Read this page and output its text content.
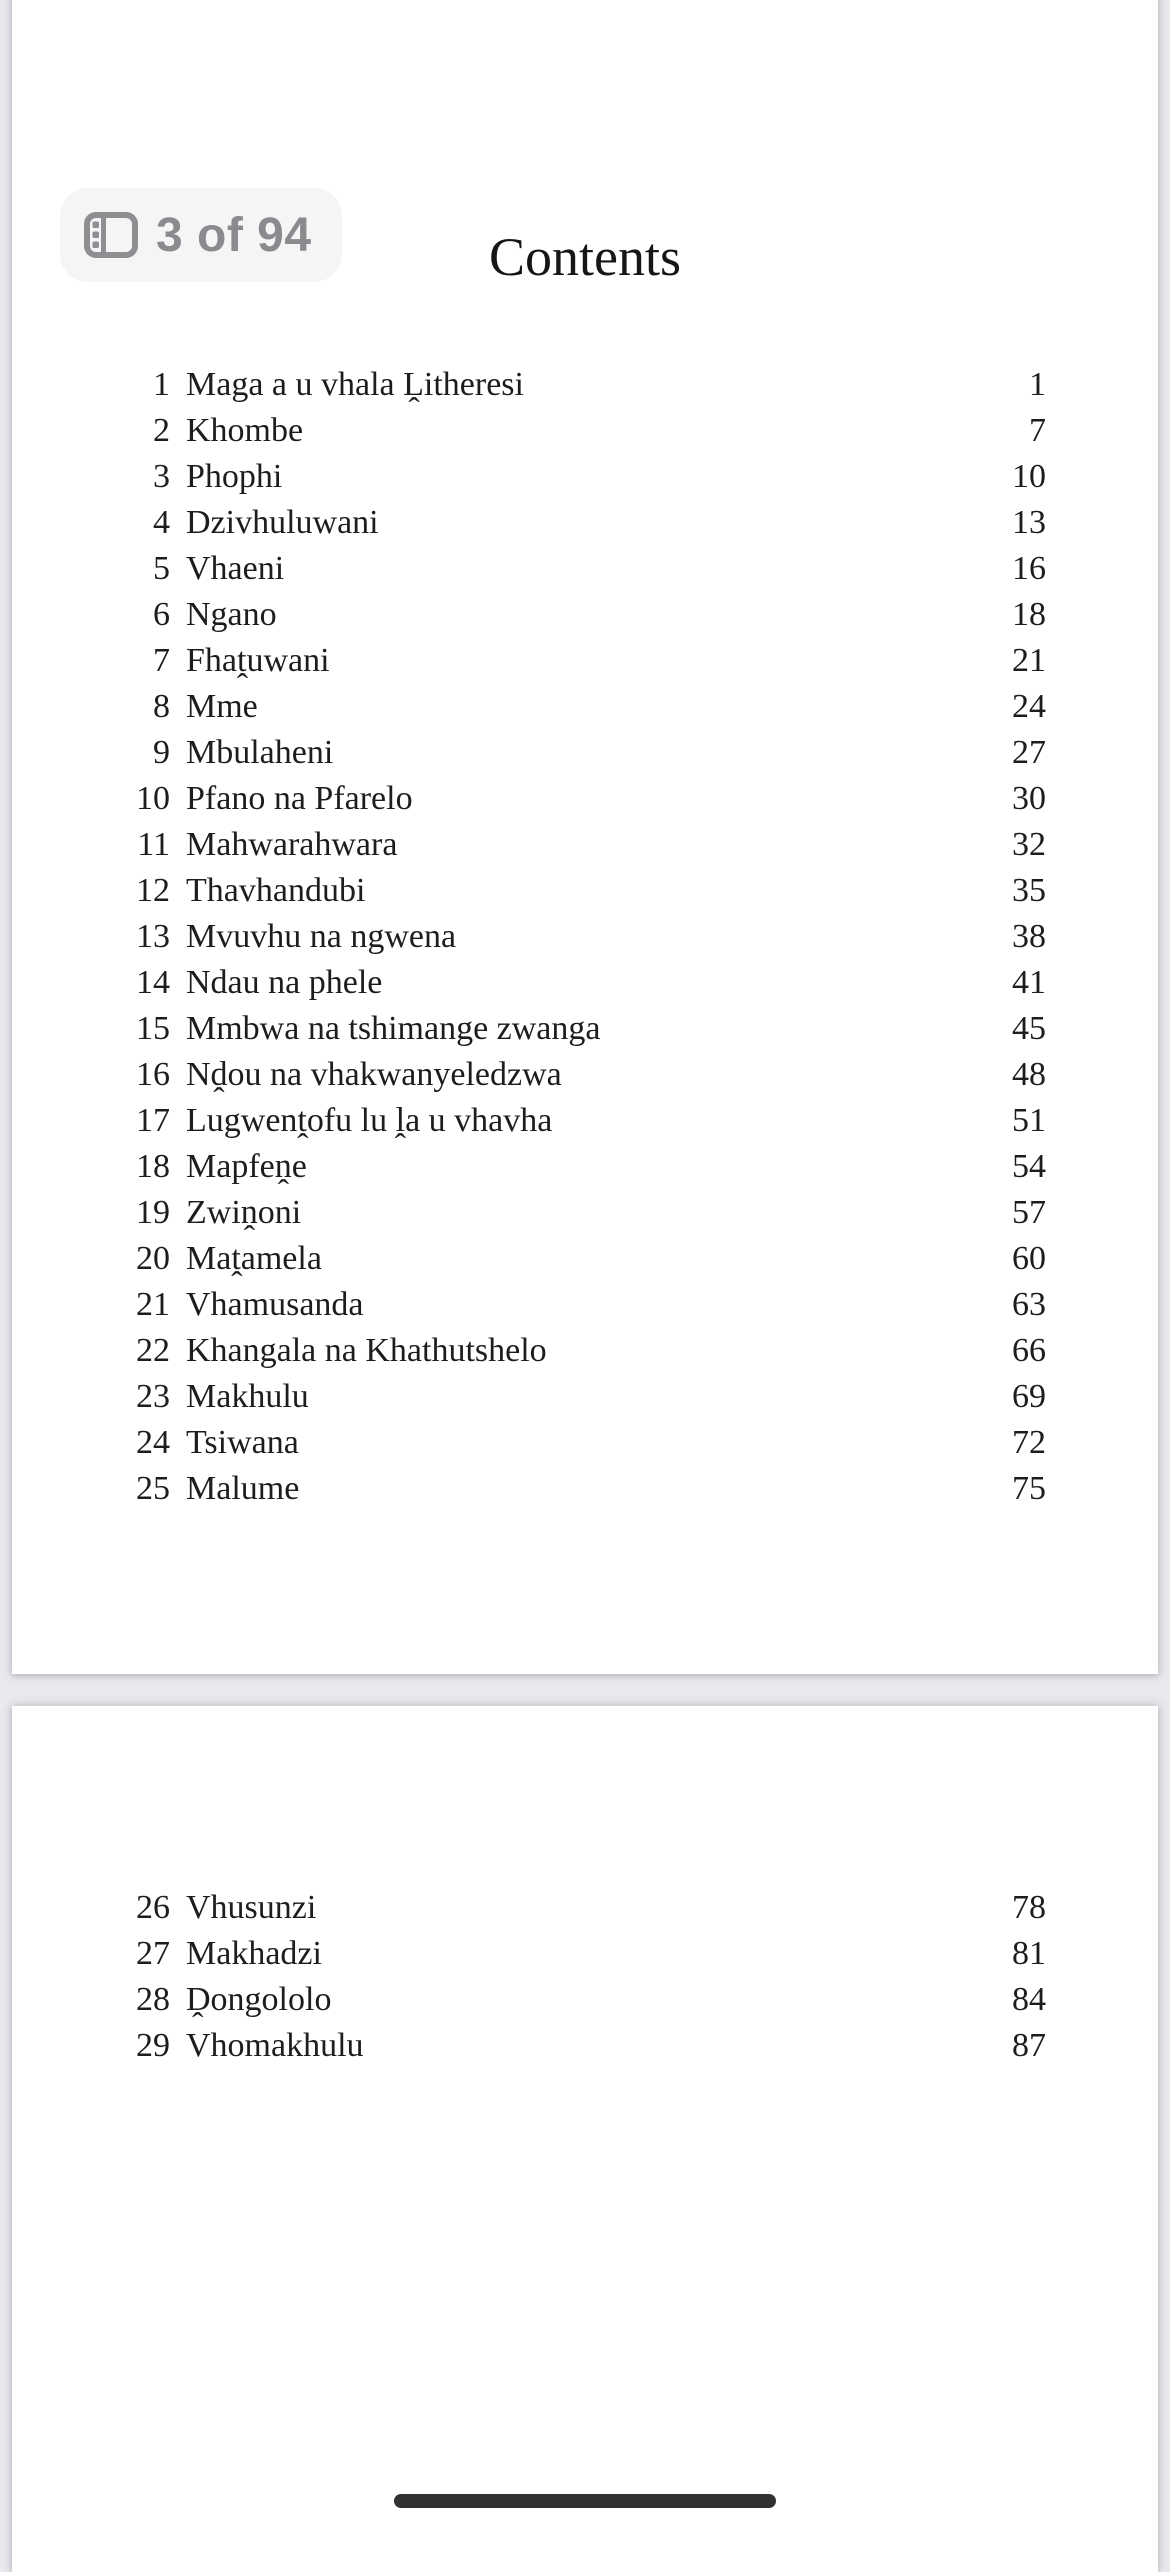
3 of 94	Contents
1 Maga a u vhala Ḽitheresi	1
2 Khombe	7
3 Phophi	10
4 Dzivhuluwani	13
5 Vhaeni	16
6 Ngano	18
7 Fhaṱuwani	21
8 Mme	24
9 Mbulaheni	27
10 Pfano na Pfarelo	30
11 Mahwarahwara	32
12 Thavhandubi	35
13 Mvuvhu na ngwena	38
14 Ndau na phele	41
15 Mmbwa na tshimange zwanga	45
16 Nḓou na vhakwanyeledzwa	48
17 Lugwenṱofu lu ḽa u vhavha	51
18 Mapfeṋe	54
19 Zwiṋoni	57
20 Maṱamela	60
21 Vhamusanda	63
22 Khangala na Khathutshelo	66
23 Makhulu	69
24 Tsiwana	72
25 Malume	75
26 Vhusunzi	78
27 Makhadzi	81
28 Ḓongololo	84
29 Vhomakhulu	87
